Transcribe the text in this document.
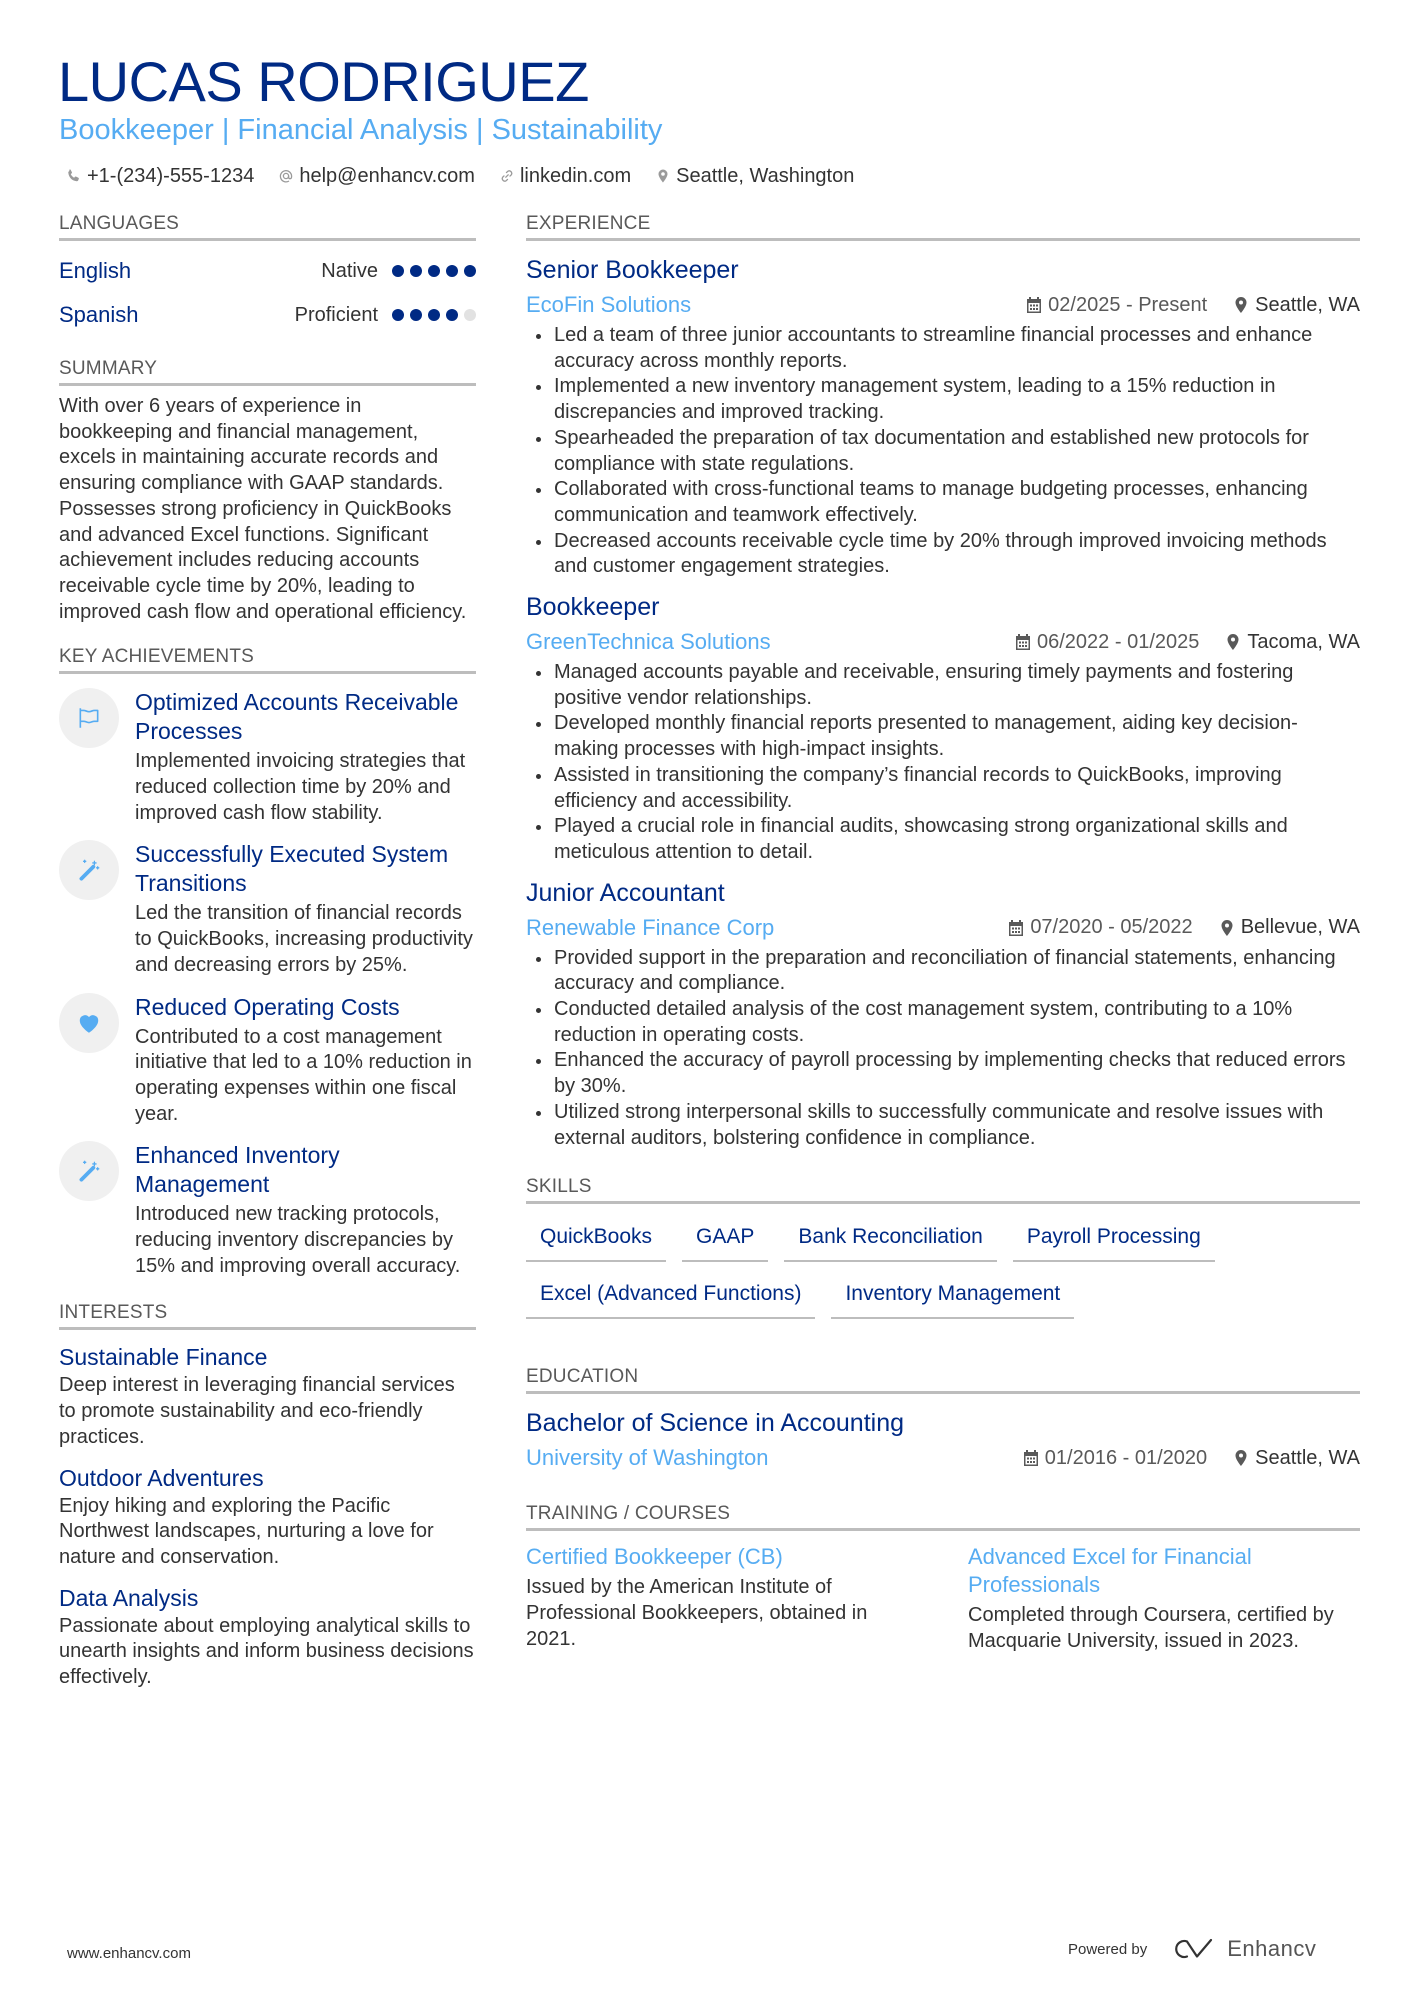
LUCAS RODRIGUEZ
Bookkeeper | Financial Analysis | Sustainability
+1-(234)-555-1234 help@enhancv.com linkedin.com Seattle, Washington
LANGUAGES
English	Native
Spanish	Proficient
SUMMARY

With over 6 years of experience in bookkeeping and financial management, excels in maintaining accurate records and ensuring compliance with GAAP standards. Possesses strong proficiency in QuickBooks and advanced Excel functions. Significant achievement includes reducing accounts receivable cycle time by 20%, leading to improved cash flow and operational efficiency.

KEY ACHIEVEMENTS
Optimized Accounts Receivable Processes

Implemented invoicing strategies that reduced collection time by 20% and improved cash flow stability.

Successfully Executed System Transitions

Led the transition of financial records to QuickBooks, increasing productivity and decreasing errors by 25%.

Reduced Operating Costs

Contributed to a cost management initiative that led to a 10% reduction in operating expenses within one fiscal year.

Enhanced Inventory Management

Introduced new tracking protocols, reducing inventory discrepancies by 15% and improving overall accuracy.

INTERESTS
Sustainable Finance

Deep interest in leveraging financial services to promote sustainability and eco-friendly practices.

Outdoor Adventures

Enjoy hiking and exploring the Pacific Northwest landscapes, nurturing a love for nature and conservation.

Data Analysis

Passionate about employing analytical skills to unearth insights and inform business decisions effectively.

EXPERIENCE
Senior Bookkeeper
EcoFin Solutions	02/2025 - Present Seattle, WA
Led a team of three junior accountants to streamline financial processes and enhance accuracy across monthly reports.
Implemented a new inventory management system, leading to a 15% reduction in discrepancies and improved tracking.
Spearheaded the preparation of tax documentation and established new protocols for compliance with state regulations.
Collaborated with cross-functional teams to manage budgeting processes, enhancing communication and teamwork effectively.
Decreased accounts receivable cycle time by 20% through improved invoicing methods and customer engagement strategies.
Bookkeeper
GreenTechnica Solutions	06/2022 - 01/2025 Tacoma, WA
Managed accounts payable and receivable, ensuring timely payments and fostering positive vendor relationships.
Developed monthly financial reports presented to management, aiding key decision-making processes with high-impact insights.
Assisted in transitioning the company’s financial records to QuickBooks, improving efficiency and accessibility.
Played a crucial role in financial audits, showcasing strong organizational skills and meticulous attention to detail.
Junior Accountant
Renewable Finance Corp	07/2020 - 05/2022 Bellevue, WA
Provided support in the preparation and reconciliation of financial statements, enhancing accuracy and compliance.
Conducted detailed analysis of the cost management system, contributing to a 10% reduction in operating costs.
Enhanced the accuracy of payroll processing by implementing checks that reduced errors by 30%.
Utilized strong interpersonal skills to successfully communicate and resolve issues with external auditors, bolstering confidence in compliance.
SKILLS
QuickBooks	GAAP	Bank Reconciliation	Payroll Processing
Excel (Advanced Functions)	Inventory Management
EDUCATION
Bachelor of Science in Accounting
University of Washington	01/2016 - 01/2020 Seattle, WA
TRAINING / COURSES
Certified Bookkeeper (CB)

Issued by the American Institute of Professional Bookkeepers, obtained in 2021.

Advanced Excel for Financial Professionals

Completed through Coursera, certified by Macquarie University, issued in 2023.

www.enhancv.com	Powered by	Enhancv
